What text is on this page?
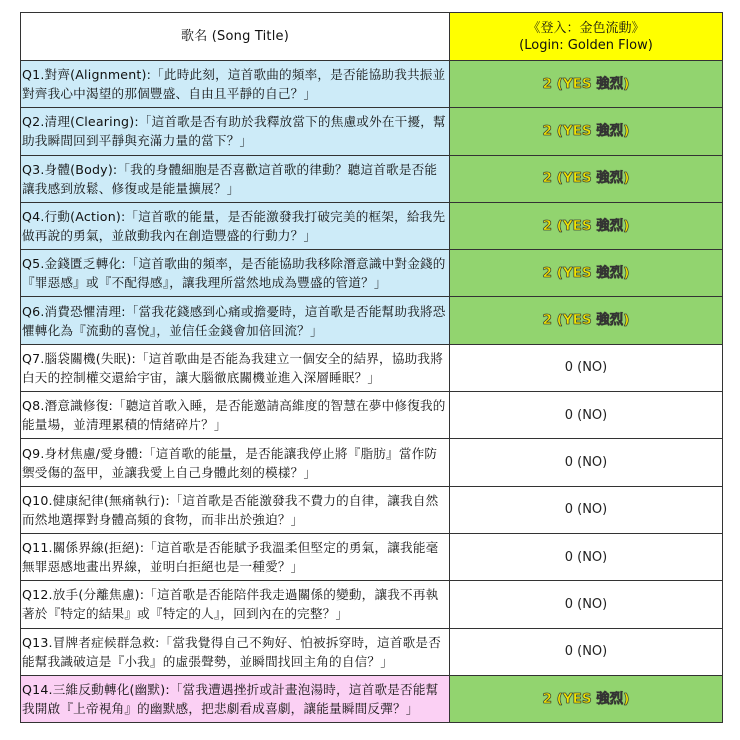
歌名 (Song Title)	《登入：金色流動》
(Login: Golden Flow)

Q1.對齊(Alignment):「此時此刻，這首歌曲的頻率，是否能協助我共振並對齊我心中渴望的那個豐盛、自由且平靜的自己？」	2 (YES 強烈)
Q2.清理(Clearing):「這首歌是否有助於我釋放當下的焦慮或外在干擾，幫助我瞬間回到平靜與充滿力量的當下？」	2 (YES 強烈)
Q3.身體(Body):「我的身體細胞是否喜歡這首歌的律動？聽這首歌是否能讓我感到放鬆、修復或是能量擴展？」	2 (YES 強烈)
Q4.行動(Action):「這首歌的能量，是否能激發我打破完美的框架，給我先做再說的勇氣，並啟動我內在創造豐盛的行動力？」	2 (YES 強烈)
Q5.金錢匱乏轉化:「這首歌曲的頻率，是否能協助我移除潛意識中對金錢的『罪惡感』或『不配得感』，讓我理所當然地成為豐盛的管道？」	2 (YES 強烈)
Q6.消費恐懼清理:「當我花錢感到心痛或擔憂時，這首歌是否能幫助我將恐懼轉化為『流動的喜悅』，並信任金錢會加倍回流？」	2 (YES 強烈)
Q7.腦袋關機(失眠):「這首歌曲是否能為我建立一個安全的結界，協助我將白天的控制權交還給宇宙，讓大腦徹底關機並進入深層睡眠？」	0 (NO)
Q8.潛意識修復:「聽這首歌入睡，是否能邀請高維度的智慧在夢中修復我的能量場，並清理累積的情緒碎片？」	0 (NO)
Q9.身材焦慮/愛身體:「這首歌的能量，是否能讓我停止將『脂肪』當作防禦受傷的盔甲，並讓我愛上自己身體此刻的模樣？」	0 (NO)
Q10.健康紀律(無痛執行):「這首歌是否能激發我不費力的自律，讓我自然而然地選擇對身體高頻的食物，而非出於強迫？」	0 (NO)
Q11.關係界線(拒絕):「這首歌是否能賦予我溫柔但堅定的勇氣，讓我能毫無罪惡感地畫出界線，並明白拒絕也是一種愛？」	0 (NO)
Q12.放手(分離焦慮):「這首歌是否能陪伴我走過關係的變動，讓我不再執著於『特定的結果』或『特定的人』，回到內在的完整？」	0 (NO)
Q13.冒牌者症候群急救:「當我覺得自己不夠好、怕被拆穿時，這首歌是否能幫我識破這是『小我』的虛張聲勢，並瞬間找回主角的自信？」	0 (NO)
Q14.三維反動轉化(幽默):「當我遭遇挫折或計畫泡湯時，這首歌是否能幫我開啟『上帝視角』的幽默感，把悲劇看成喜劇，讓能量瞬間反彈？」	2 (YES 強烈)
